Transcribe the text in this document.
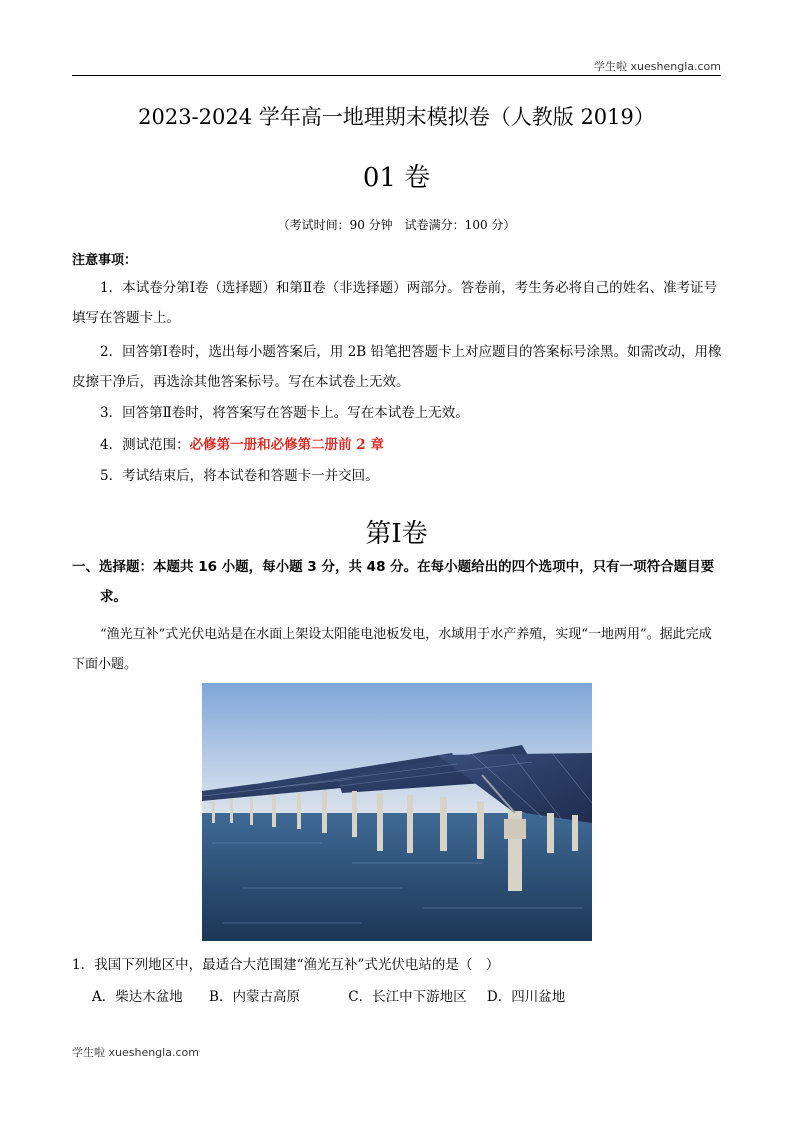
学生啦 xueshengla.com
2023-2024 学年高一地理期末模拟卷（人教版 2019）
01 卷
（考试时间：90 分钟　试卷满分：100 分）
注意事项：
1．本试卷分第Ⅰ卷（选择题）和第Ⅱ卷（非选择题）两部分。答卷前，考生务必将自己的姓名、准考证号填写在答题卡上。
2．回答第Ⅰ卷时，选出每小题答案后，用 2B 铅笔把答题卡上对应题目的答案标号涂黑。如需改动，用橡皮擦干净后，再选涂其他答案标号。写在本试卷上无效。
3．回答第Ⅱ卷时，将答案写在答题卡上。写在本试卷上无效。
4．测试范围：必修第一册和必修第二册前 2 章
5．考试结束后，将本试卷和答题卡一并交回。
第Ⅰ卷
一、选择题：本题共 16 小题，每小题 3 分，共 48 分。在每小题给出的四个选项中，只有一项符合题目要
求。
“渔光互补”式光伏电站是在水面上架设太阳能电池板发电，水域用于水产养殖，实现“一地两用”。据此完成下面小题。
1．我国下列地区中，最适合大范围建“渔光互补”式光伏电站的是（　）
A．柴达木盆地 B．内蒙古高原	C．长江中下游地区 D．四川盆地
学生啦 xueshengla.com
